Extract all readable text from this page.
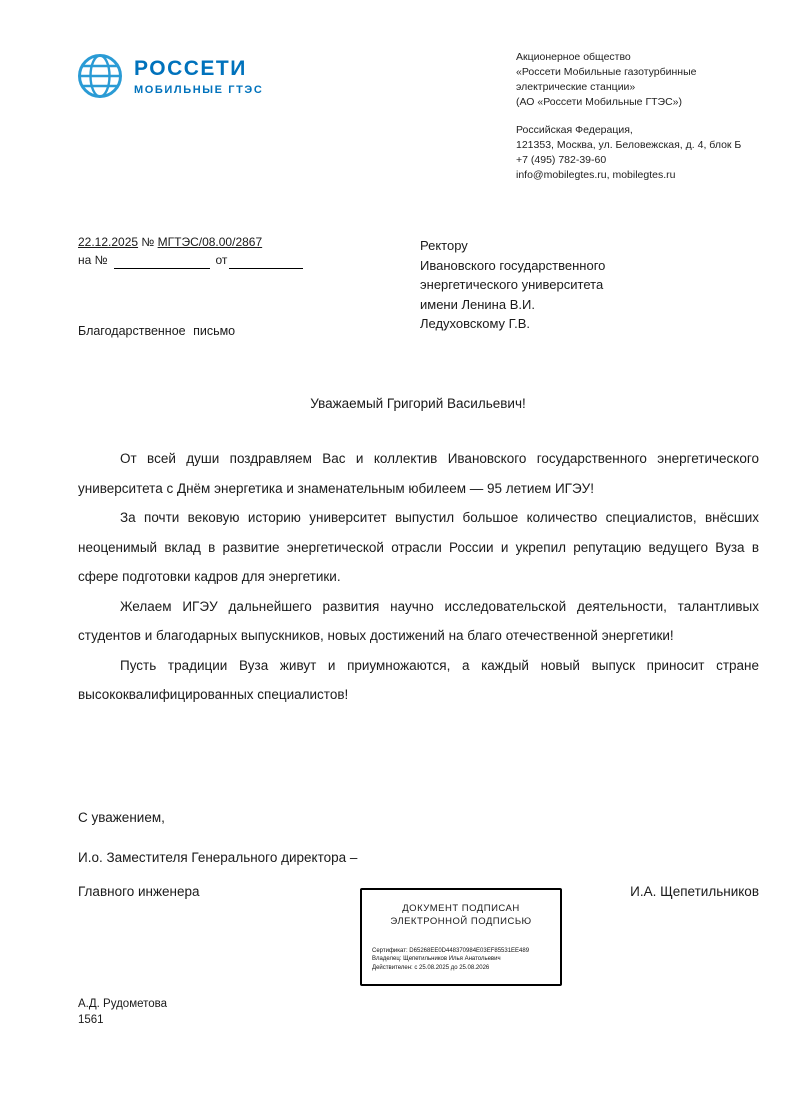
РОССЕТИ
МОБИЛЬНЫЕ ГТЭС
Акционерное общество
«Россети Мобильные газотурбинные
электрические станции»
(АО «Россети Мобильные ГТЭС»)
Российская Федерация,
121353, Москва, ул. Беловежская, д. 4, блок Б
+7 (495) 782-39-60
info@mobilegtes.ru, mobilegtes.ru
22.12.2025 № МГТЭС/08.00/2867
на №	от
Ректору
Ивановского государственного
энергетического университета
имени Ленина В.И.
Ледуховскому Г.В.
Благодарственное письмо
Уважаемый Григорий Васильевич!

От всей души поздравляем Вас и коллектив Ивановского государственного энергетического университета с Днём энергетика и знаменательным юбилеем — 95 летием ИГЭУ!

За почти вековую историю университет выпустил большое количество специалистов, внёсших неоценимый вклад в развитие энергетической отрасли России и укрепил репутацию ведущего Вуза в сфере подготовки кадров для энергетики.

Желаем ИГЭУ дальнейшего развития научно исследовательской деятельности, талантливых студентов и благодарных выпускников, новых достижений на благо отечественной энергетики!

Пусть традиции Вуза живут и приумножаются, а каждый новый выпуск приносит стране высококвалифицированных специалистов!

С уважением,
И.о. Заместителя Генерального директора –
Главного инженера	И.А. Щепетильников
ДОКУМЕНТ ПОДПИСАН
ЭЛЕКТРОННОЙ ПОДПИСЬЮ
Сертификат: D65268EE0D448370984E03EF85531EE489
Владелец: Щепетильников Илья Анатольевич
Действителен: с 25.08.2025 до 25.08.2026
А.Д. Рудометова
1561
